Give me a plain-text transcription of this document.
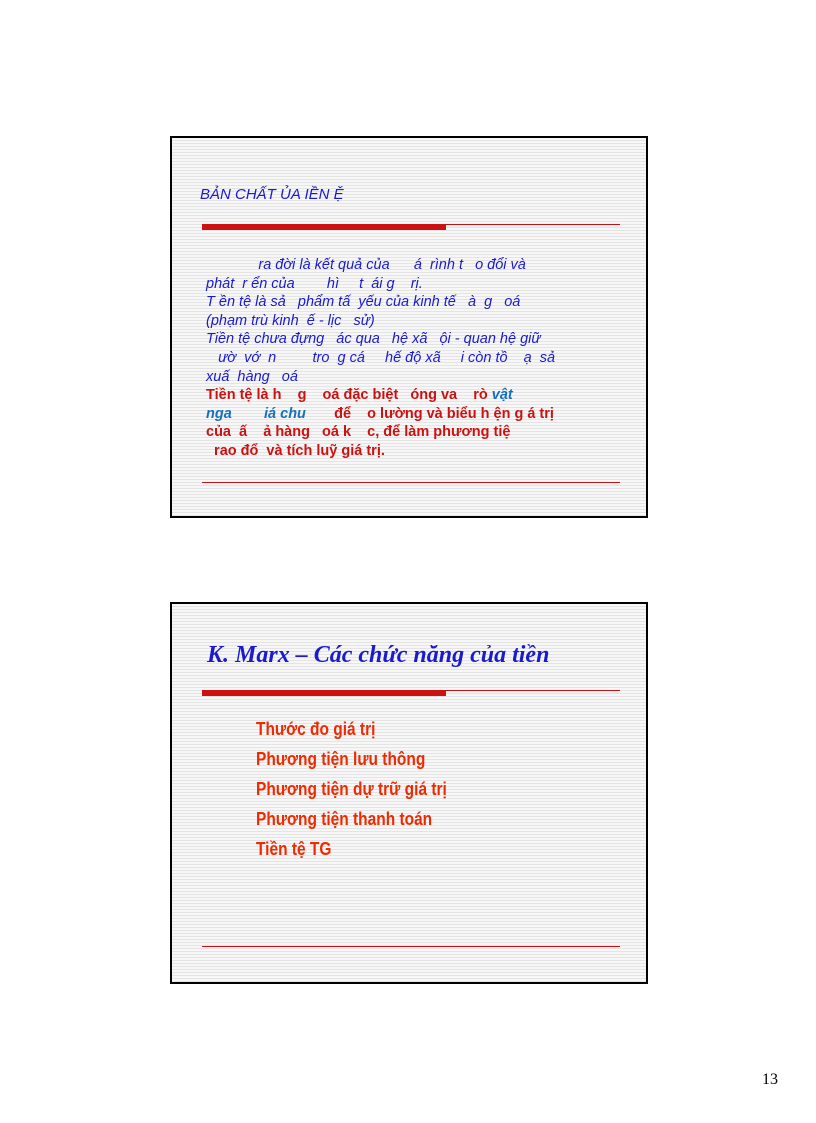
BẢN CHẤT ỦA IỀN Ệ
ra đời là kết quả của      á  rình t   o đổi và
phát  r ển của        hì     t  ái g    rị.
T ền tệ là sả   phẩm tấ  yếu của kinh tế   à  g   oá
(phạm trù kinh  ế - lịc   sử)
Tiền tệ chưa đựng   ác qua   hệ xã   ội - quan hệ giữ
ườ  vớ  n         tro  g cá     hế độ xã     i còn tồ    ạ  sả
xuấ  hàng   oá
Tiền tệ là h    g    oá đặc biệt   óng va    rò vật
nga        iá chu       để    o lường và biểu h ện g á trị
của  ấ    ả hàng   oá k    c, để làm phương tiệ
rao đổ  và tích luỹ giá trị.
K. Marx – Các chức năng của tiền
Thước đo giá trị
Phương tiện lưu thông
Phương tiện dự trữ giá trị
Phương tiện thanh toán
Tiền tệ TG
13
